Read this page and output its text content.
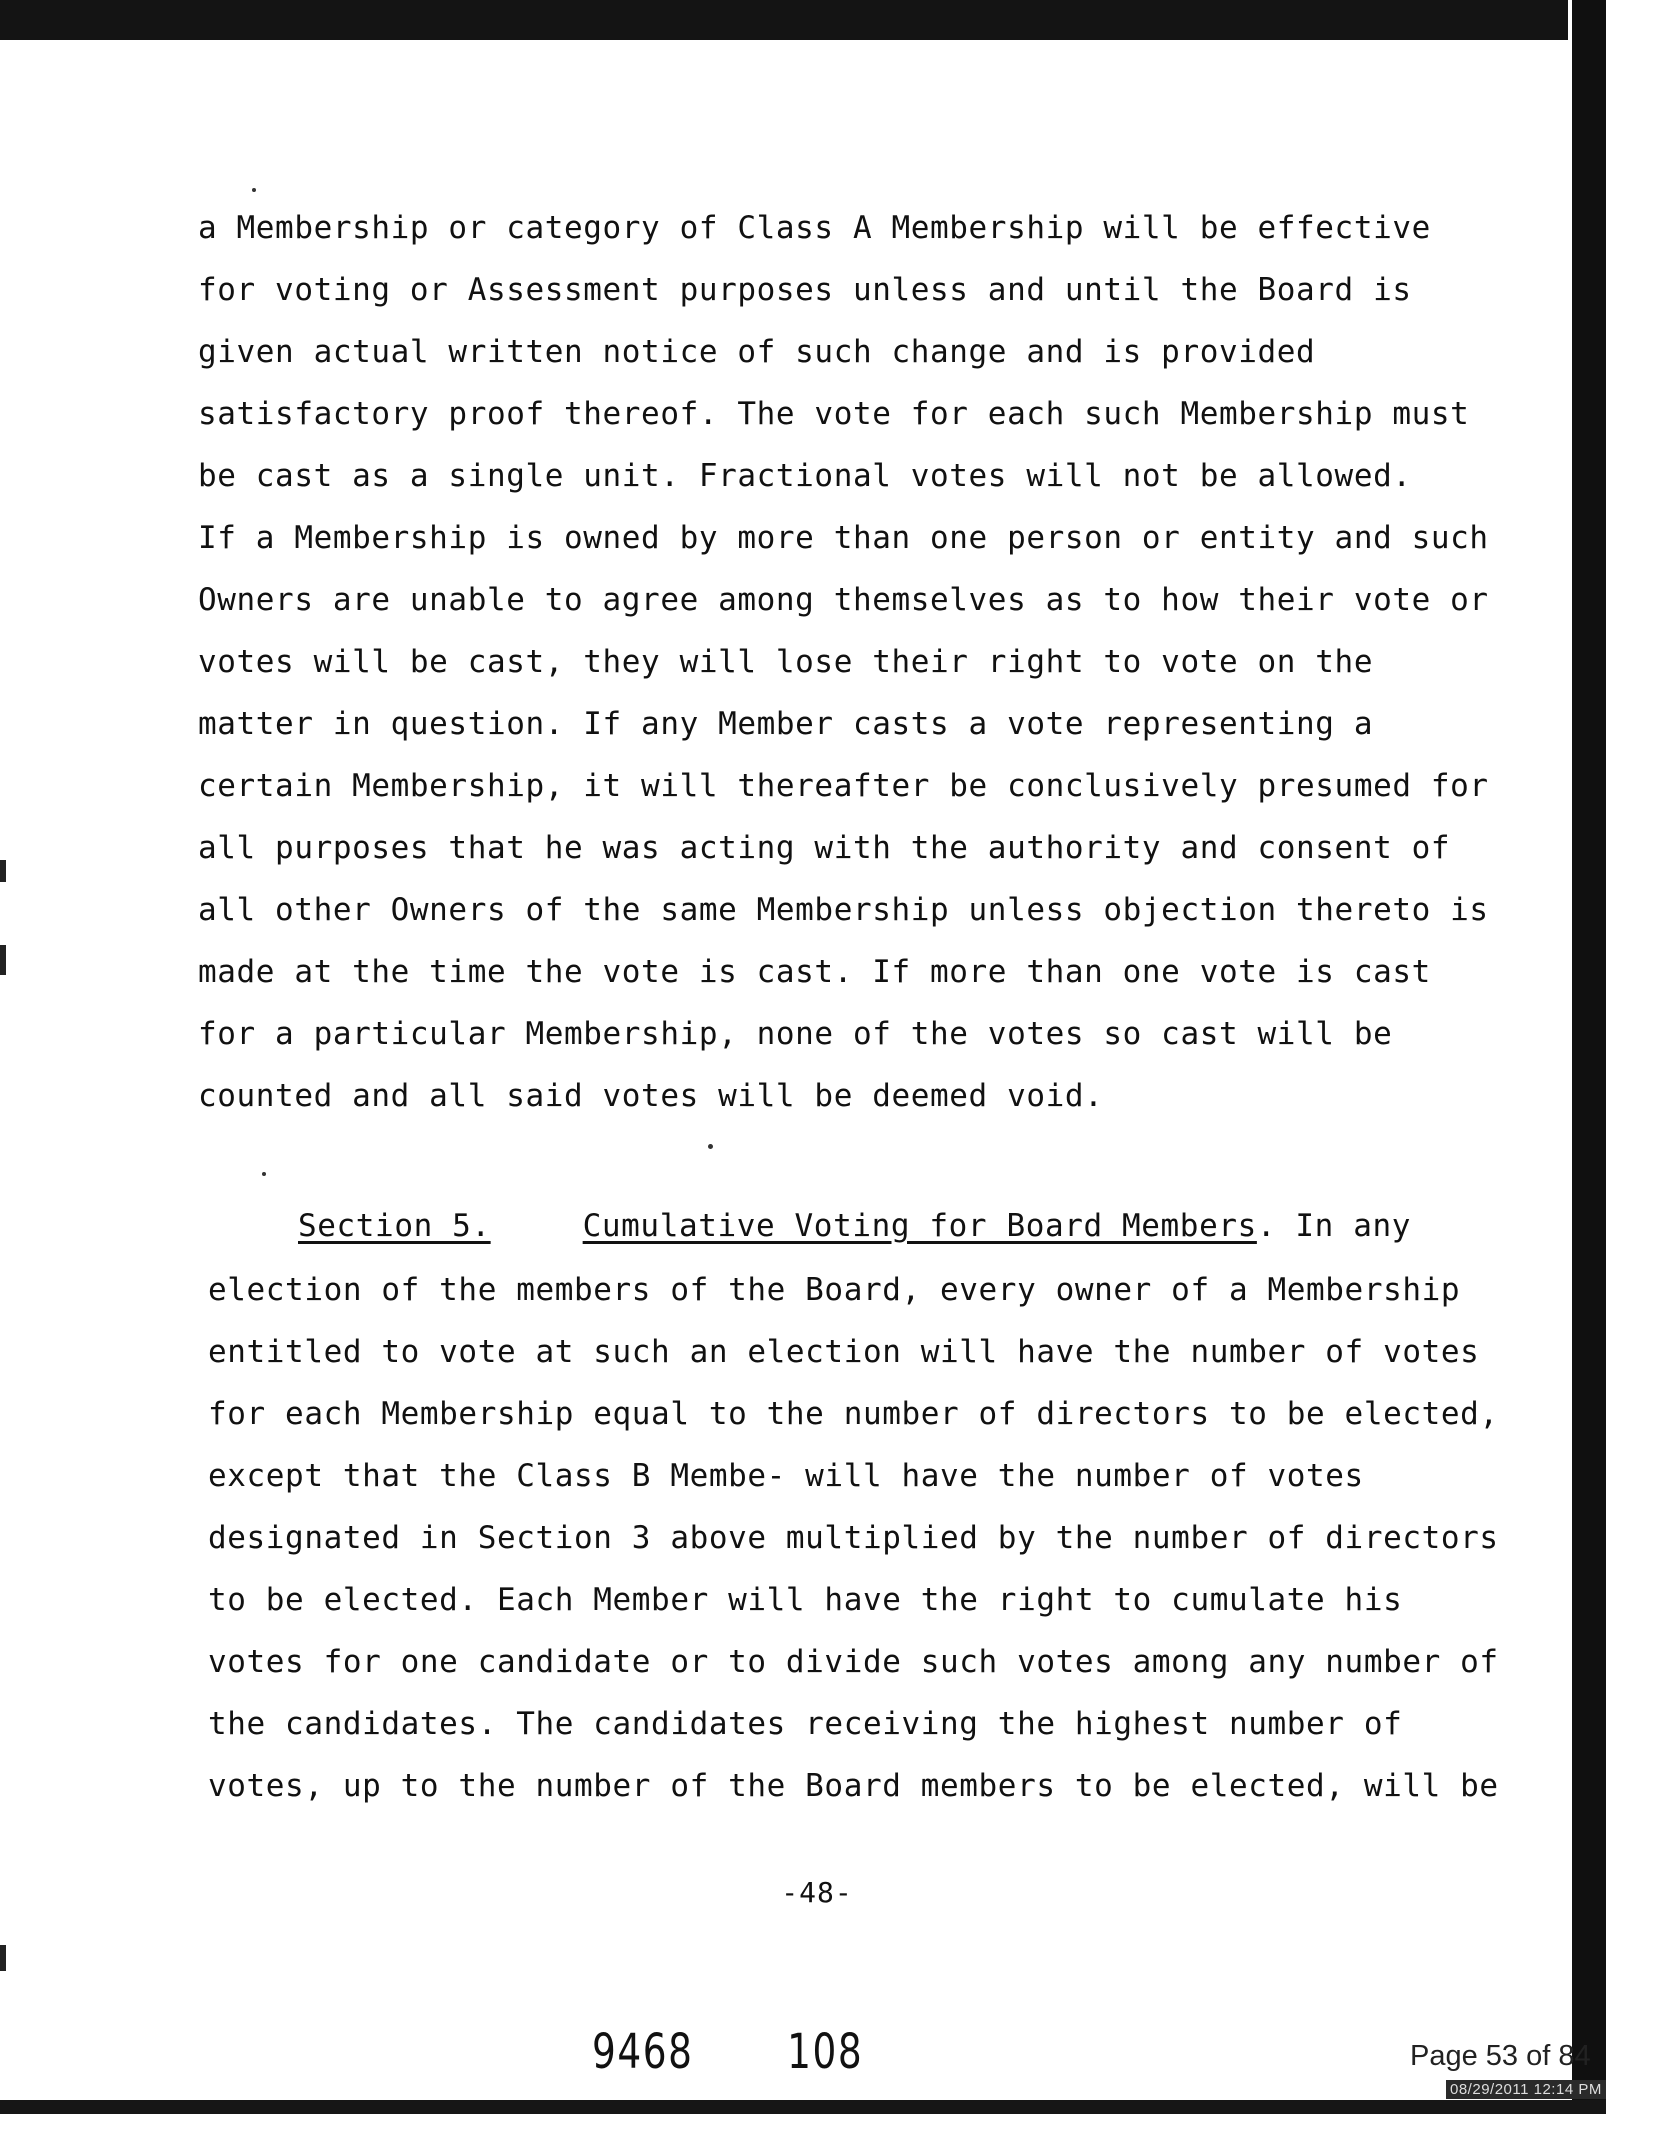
a Membership or category of Class A Membership will be effective
for voting or Assessment purposes unless and until the Board is
given actual written notice of such change and is provided
satisfactory proof thereof. The vote for each such Membership must
be cast as a single unit. Fractional votes will not be allowed.
If a Membership is owned by more than one person or entity and such
Owners are unable to agree among themselves as to how their vote or
votes will be cast, they will lose their right to vote on the
matter in question. If any Member casts a vote representing a
certain Membership, it will thereafter be conclusively presumed for
all purposes that he was acting with the authority and consent of
all other Owners of the same Membership unless objection thereto is
made at the time the vote is cast. If more than one vote is cast
for a particular Membership, none of the votes so cast will be
counted and all said votes will be deemed void.
Section 5.	Cumulative Voting for Board Members. In any
election of the members of the Board, every owner of a Membership
entitled to vote at such an election will have the number of votes
for each Membership equal to the number of directors to be elected,
except that the Class B Membe- will have the number of votes
designated in Section 3 above multiplied by the number of directors
to be elected. Each Member will have the right to cumulate his
votes for one candidate or to divide such votes among any number of
the candidates. The candidates receiving the highest number of
votes, up to the number of the Board members to be elected, will be
-48-
9468 108	Page 53 of 84
08/29/2011 12:14 PM
